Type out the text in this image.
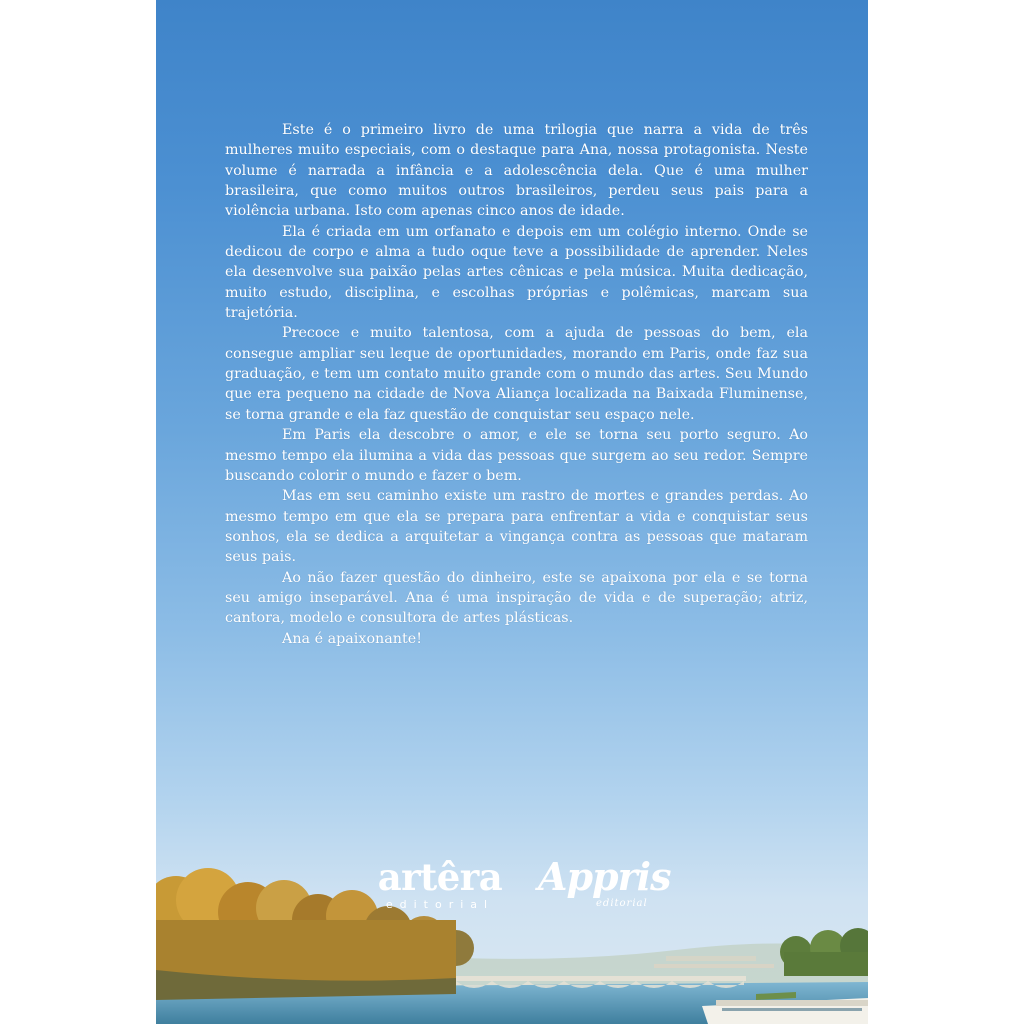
Este é o primeiro livro de uma trilogia que narra a vida de três mulheres muito especiais, com o destaque para Ana, nossa protagonista. Neste volume é narrada a infância e a adolescência dela. Que é uma mulher brasileira, que como muitos outros brasileiros, perdeu seus pais para a violência urbana. Isto com apenas cinco anos de idade.

Ela é criada em um orfanato e depois em um colégio interno. Onde se dedicou de corpo e alma a tudo oque teve a possibilidade de aprender. Neles ela desenvolve sua paixão pelas artes cênicas e pela música. Muita dedicação, muito estudo, disciplina, e escolhas próprias e polêmicas, marcam sua trajetória.

Precoce e muito talentosa, com a ajuda de pessoas do bem, ela consegue ampliar seu leque de oportunidades, morando em Paris, onde faz sua graduação, e tem um contato muito grande com o mundo das artes. Seu Mundo que era pequeno na cidade de Nova Aliança localizada na Baixada Fluminense, se torna grande e ela faz questão de conquistar seu espaço nele.

Em Paris ela descobre o amor, e ele se torna seu porto seguro. Ao mesmo tempo ela ilumina a vida das pessoas que surgem ao seu redor. Sempre buscando colorir o mundo e fazer o bem.

Mas em seu caminho existe um rastro de mortes e grandes perdas. Ao mesmo tempo em que ela se prepara para enfrentar a vida e conquistar seus sonhos, ela se dedica a arquitetar a vingança contra as pessoas que mataram seus pais.

Ao não fazer questão do dinheiro, este se apaixona por ela e se torna seu amigo inseparável. Ana é uma inspiração de vida e de superação; atriz, cantora, modelo e consultora de artes plásticas.

Ana é apaixonante!

artêra
editorial
Appris
editorial
